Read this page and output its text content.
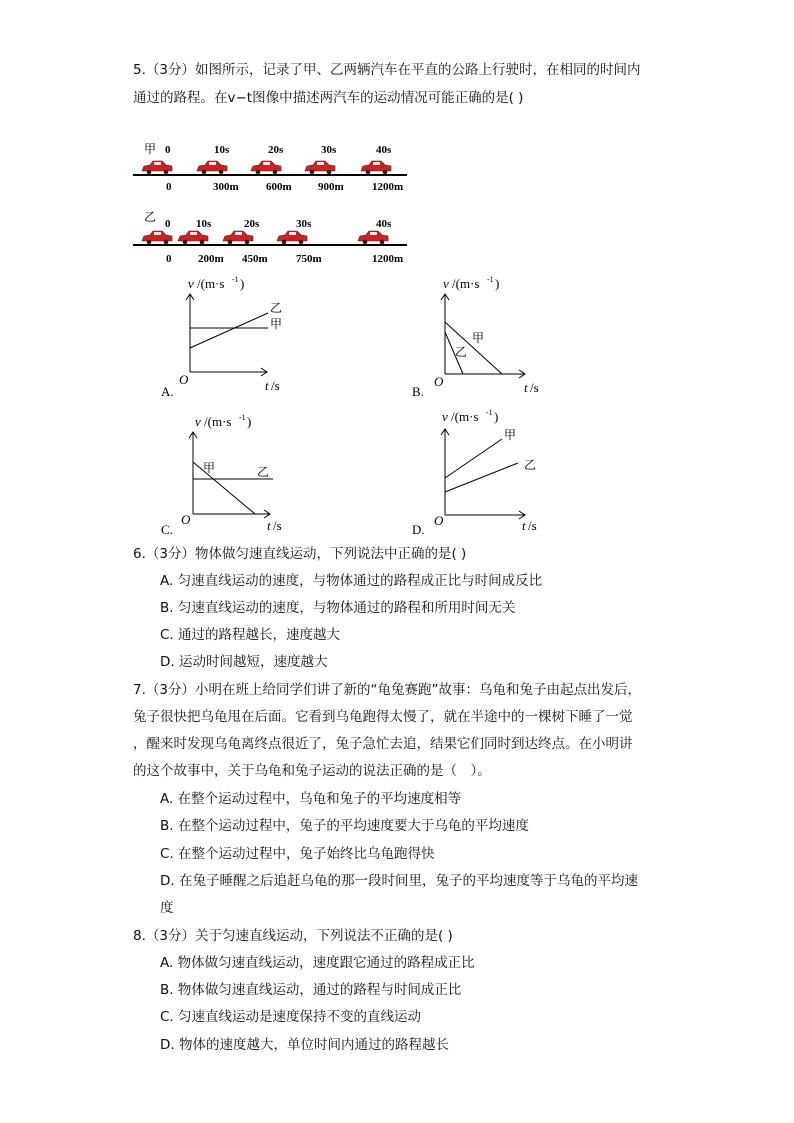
5.（3分）如图所示，记录了甲、乙两辆汽车在平直的公路上行驶时，在相同的时间内
通过的路程。在v−t图像中描述两汽车的运动情况可能正确的是( )
甲 0	10s	20s	30s	40s
0	300m 600m 900m	1200m
乙 0 10s	20s	30s	40s
0 200m 450m	750m	1200m
v /(m·s -1 )
乙
甲
O	t /s
A.
v /(m·s -1 )
甲
乙
O	t /s
B.
v /(m·s -1 )
甲	乙
O	t /s
C.
v /(m·s -1 )
甲
乙
O	t /s
D.
6.（3分）物体做匀速直线运动，下列说法中正确的是( )
A. 匀速直线运动的速度，与物体通过的路程成正比与时间成反比
B. 匀速直线运动的速度，与物体通过的路程和所用时间无关
C. 通过的路程越长，速度越大
D. 运动时间越短，速度越大
7.（3分）小明在班上给同学们讲了新的“龟兔赛跑”故事：乌龟和兔子由起点出发后，
兔子很快把乌龟甩在后面。它看到乌龟跑得太慢了，就在半途中的一棵树下睡了一觉
，醒来时发现乌龟离终点很近了，兔子急忙去追，结果它们同时到达终点。在小明讲
的这个故事中，关于乌龟和兔子运动的说法正确的是（　）。
A. 在整个运动过程中，乌龟和兔子的平均速度相等
B. 在整个运动过程中，兔子的平均速度要大于乌龟的平均速度
C. 在整个运动过程中，兔子始终比乌龟跑得快
D. 在兔子睡醒之后追赶乌龟的那一段时间里，兔子的平均速度等于乌龟的平均速
度
8.（3分）关于匀速直线运动，下列说法不正确的是( )
A. 物体做匀速直线运动，速度跟它通过的路程成正比
B. 物体做匀速直线运动，通过的路程与时间成正比
C. 匀速直线运动是速度保持不变的直线运动
D. 物体的速度越大，单位时间内通过的路程越长
